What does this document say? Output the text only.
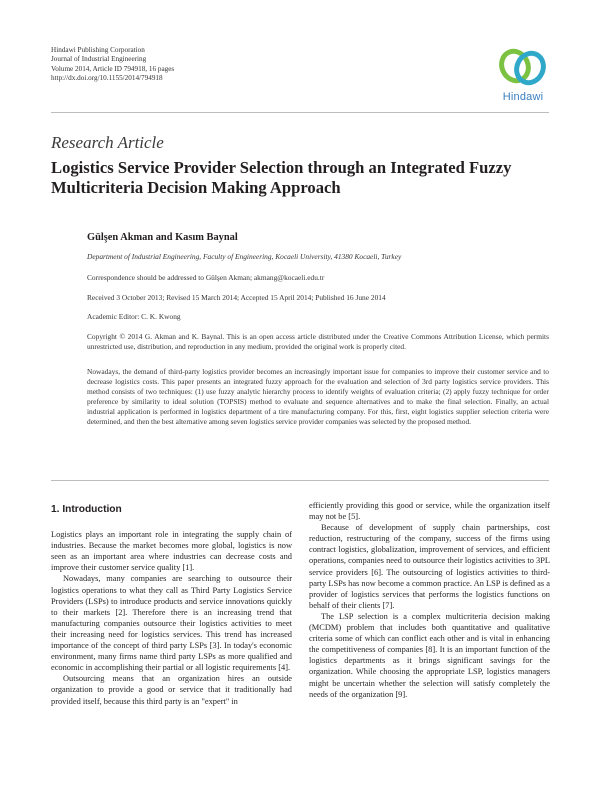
Hindawi Publishing Corporation
Journal of Industrial Engineering
Volume 2014, Article ID 794918, 16 pages
http://dx.doi.org/10.1155/2014/794918
Hindawi
Research Article
Logistics Service Provider Selection through an Integrated Fuzzy Multicriteria Decision Making Approach
Gülşen Akman and Kasım Baynal
Department of Industrial Engineering, Faculty of Engineering, Kocaeli University, 41380 Kocaeli, Turkey
Correspondence should be addressed to Gülşen Akman; akmang@kocaeli.edu.tr
Received 3 October 2013; Revised 15 March 2014; Accepted 15 April 2014; Published 16 June 2014
Academic Editor: C. K. Kwong
Copyright © 2014 G. Akman and K. Baynal. This is an open access article distributed under the Creative Commons Attribution License, which permits unrestricted use, distribution, and reproduction in any medium, provided the original work is properly cited.
Nowadays, the demand of third-party logistics provider becomes an increasingly important issue for companies to improve their customer service and to decrease logistics costs. This paper presents an integrated fuzzy approach for the evaluation and selection of 3rd party logistics service providers. This method consists of two techniques: (1) use fuzzy analytic hierarchy process to identify weights of evaluation criteria; (2) apply fuzzy technique for order preference by similarity to ideal solution (TOPSIS) method to evaluate and sequence alternatives and to make the final selection. Finally, an actual industrial application is performed in logistics department of a tire manufacturing company. For this, first, eight logistics supplier selection criteria were determined, and then the best alternative among seven logistics service provider companies was selected by the proposed method.
1. Introduction

Logistics plays an important role in integrating the supply chain of industries. Because the market becomes more global, logistics is now seen as an important area where industries can decrease costs and improve their customer service quality [1].

Nowadays, many companies are searching to outsource their logistics operations to what they call as Third Party Logistics Service Providers (LSPs) to introduce products and service innovations quickly to their markets [2]. Therefore there is an increasing trend that manufacturing companies outsource their logistics activities to meet their increasing need for logistics services. This trend has increased importance of the concept of third party LSPs [3]. In today's economic environment, many firms name third party LSPs as more qualified and economic in accomplishing their partial or all logistic requirements [4].

Outsourcing means that an organization hires an outside organization to provide a good or service that it traditionally had provided itself, because this third party is an "expert" in

efficiently providing this good or service, while the organization itself may not be [5].

Because of development of supply chain partnerships, cost reduction, restructuring of the company, success of the firms using contract logistics, globalization, improvement of services, and efficient operations, companies need to outsource their logistics activities to 3PL service providers [6]. The outsourcing of logistics activities to third-party LSPs has now become a common practice. An LSP is defined as a provider of logistics services that performs the logistics functions on behalf of their clients [7].

The LSP selection is a complex multicriteria decision making (MCDM) problem that includes both quantitative and qualitative criteria some of which can conflict each other and is vital in enhancing the competitiveness of companies [8]. It is an important function of the logistics departments as it brings significant savings for the organization. While choosing the appropriate LSP, logistics managers might be uncertain whether the selection will satisfy completely the needs of the organization [9].
